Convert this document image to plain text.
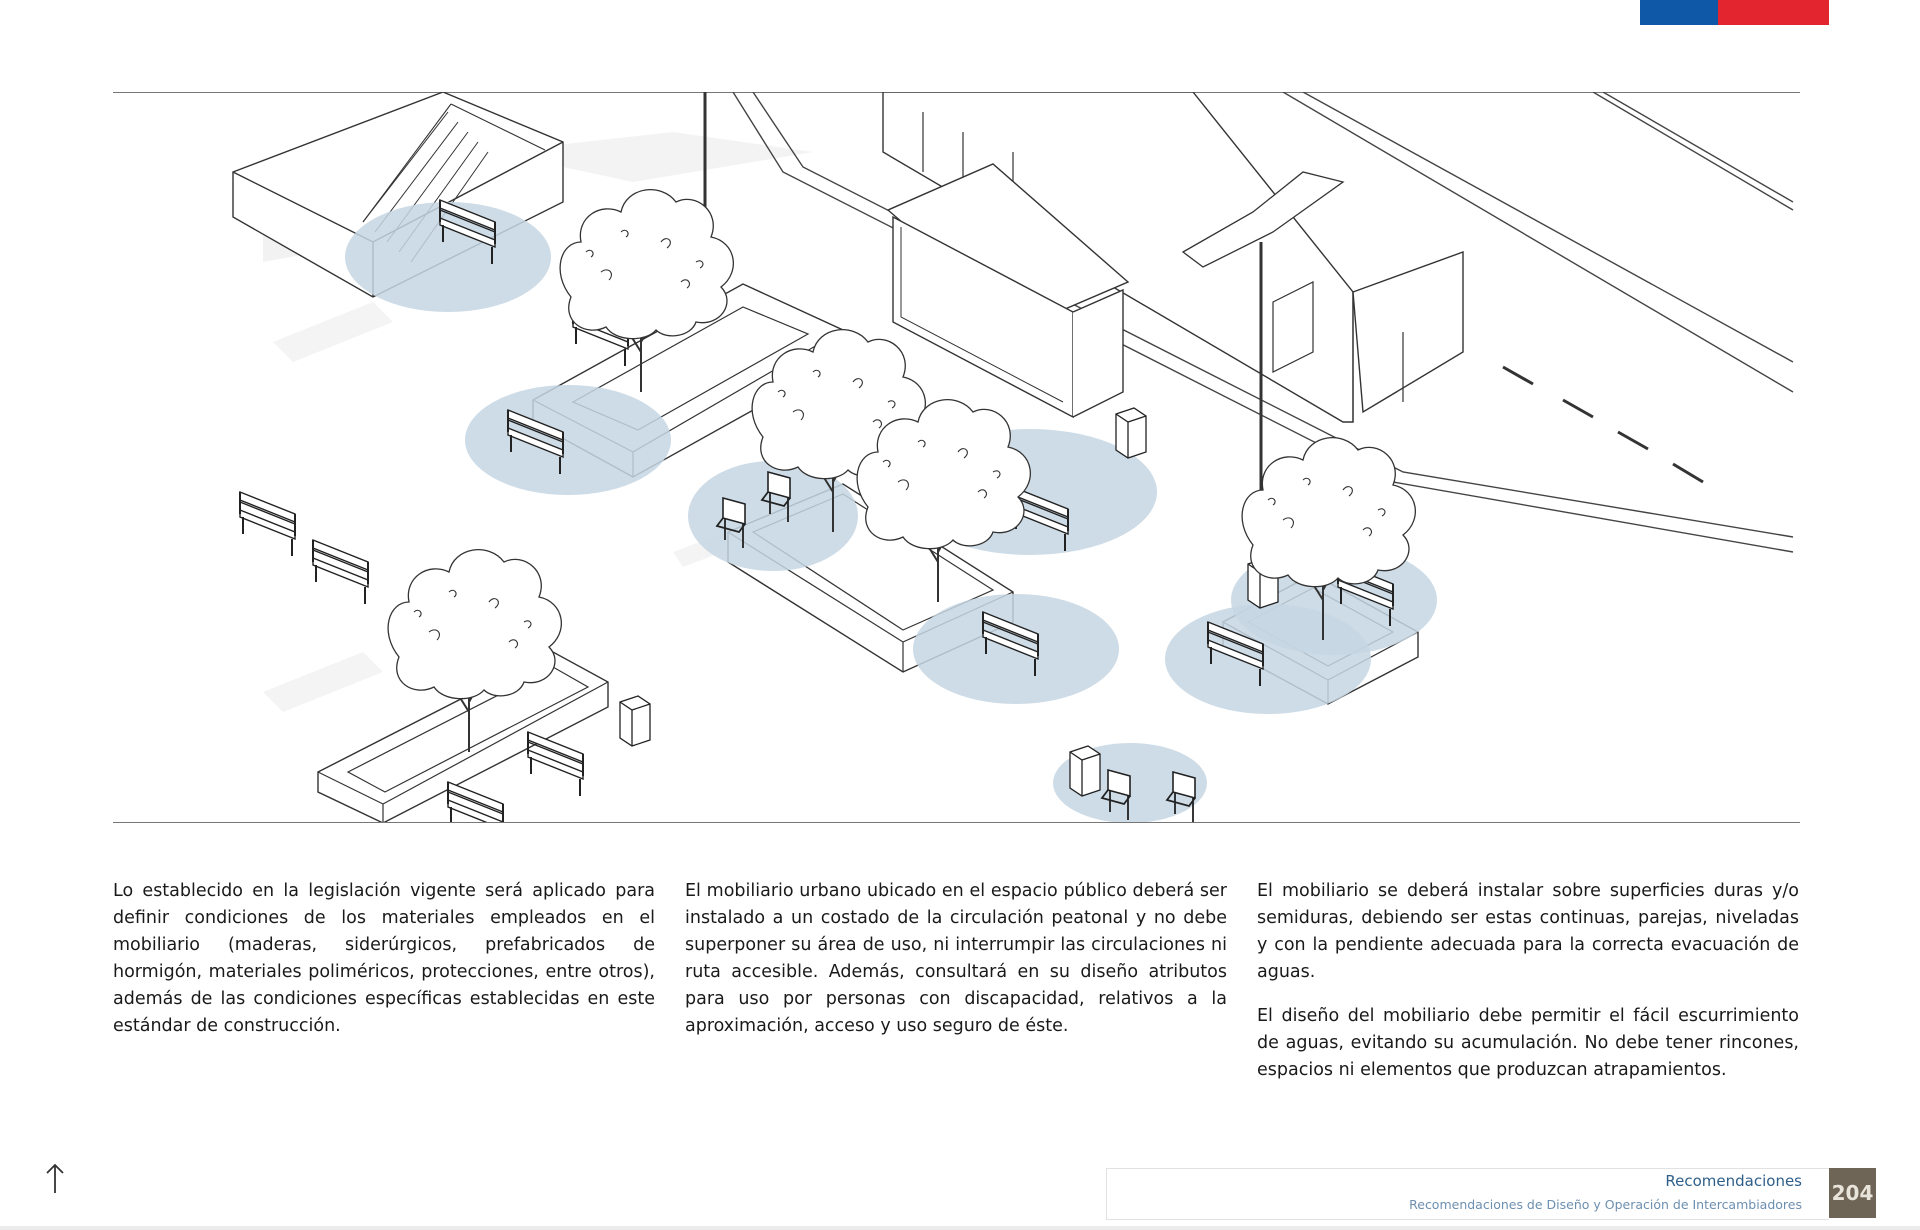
Lo establecido en la legislación vigente será aplicado para definir condiciones de los materiales empleados en el mobiliario (maderas, siderúrgicos, prefabricados de hormigón, materiales poliméricos, protecciones, entre otros), además de las condiciones específicas establecidas en este estándar de construcción.

El mobiliario urbano ubicado en el espacio público deberá ser instalado a un costado de la circulación peatonal y no debe superponer su área de uso, ni interrumpir las circulaciones ni ruta accesible. Además, consultará en su diseño atributos para uso por personas con discapacidad, relativos a la aproximación, acceso y uso seguro de éste.

El mobiliario se deberá instalar sobre superficies duras y/o semiduras, debiendo ser estas continuas, parejas, niveladas y con la pendiente adecuada para la correcta evacuación de aguas.

El diseño del mobiliario debe permitir el fácil escurrimiento de aguas, evitando su acumulación. No debe tener rincones, espacios ni elementos que produzcan atrapamientos.

Recomendaciones
Recomendaciones de Diseño y Operación de Intercambiadores 204
